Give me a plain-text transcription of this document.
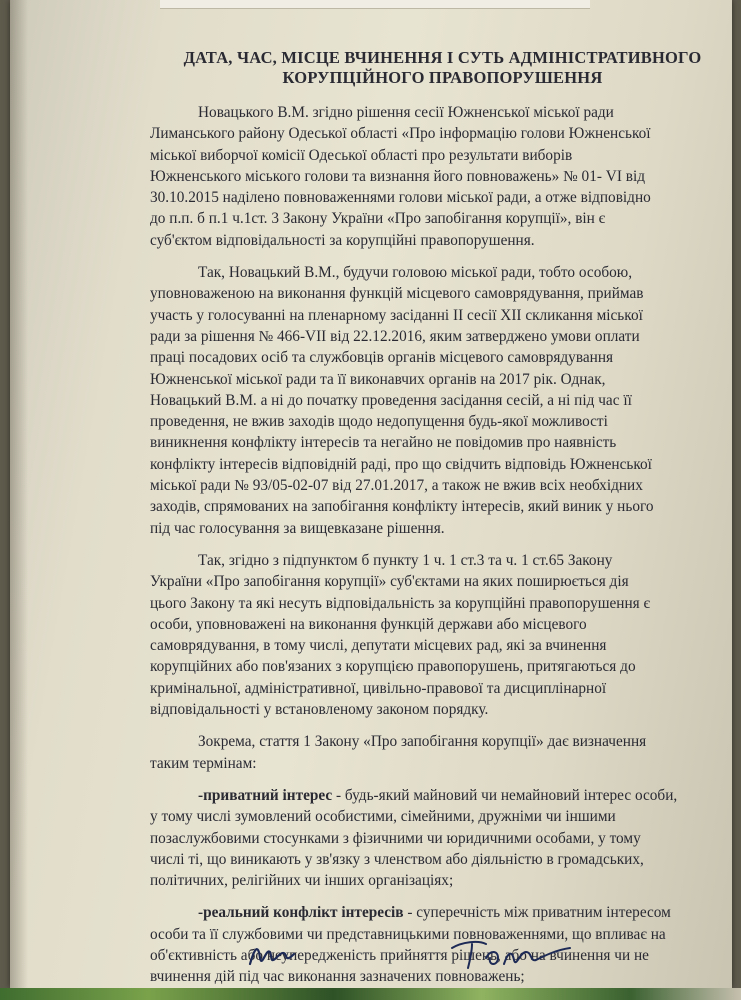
ДАТА, ЧАС, МІСЦЕ ВЧИНЕННЯ І СУТЬ АДМІНІСТРАТИВНОГО
КОРУПЦІЙНОГО ПРАВОПОРУШЕННЯ
Новацького В.М. згідно рішення сесії Южненської міської ради
Лиманського району Одеської області «Про інформацію голови Южненської
міської виборчої комісії Одеської області про результати виборів
Южненського міського голови та визнання його повноважень» № 01- VI від
30.10.2015 наділено повноваженнями голови міської ради, а отже відповідно
до п.п. б п.1 ч.1ст. 3 Закону України «Про запобігання корупції», він є
суб'єктом відповідальності за корупційні правопорушення.
Так, Новацький В.М., будучи головою міської ради, тобто особою,
уповноваженою на виконання функцій місцевого самоврядування, приймав
участь у голосуванні на пленарному засіданні II сесії XII скликання міської
ради за рішення № 466-VII від 22.12.2016, яким затверджено умови оплати
праці посадових осіб та службовців органів місцевого самоврядування
Южненської міської ради та її виконавчих органів на 2017 рік. Однак,
Новацький В.М. а ні до початку проведення засідання сесій, а ні під час її
проведення, не вжив заходів щодо недопущення будь-якої можливості
виникнення конфлікту інтересів та негайно не повідомив про наявність
конфлікту інтересів відповідній раді, про що свідчить відповідь Южненської
міської ради № 93/05-02-07 від 27.01.2017, а також не вжив всіх необхідних
заходів, спрямованих на запобігання конфлікту інтересів, який виник у нього
під час голосування за вищевказане рішення.
Так, згідно з підпунктом б пункту 1 ч. 1 ст.3 та ч. 1 ст.65 Закону
України «Про запобігання корупції» суб'єктами на яких поширюється дія
цього Закону та які несуть відповідальність за корупційні правопорушення є
особи, уповноважені на виконання функцій держави або місцевого
самоврядування, в тому числі, депутати місцевих рад, які за вчинення
корупційних або пов'язаних з корупцією правопорушень, притягаються до
кримінальної, адміністративної, цивільно-правової та дисциплінарної
відповідальності у встановленому законом порядку.
Зокрема, стаття 1 Закону «Про запобігання корупції» дає визначення
таким термінам:
-приватний інтерес - будь-який майновий чи немайновий інтерес особи,
у тому числі зумовлений особистими, сімейними, дружніми чи іншими
позаслужбовими стосунками з фізичними чи юридичними особами, у тому
числі ті, що виникають у зв'язку з членством або діяльністю в громадських,
політичних, релігійних чи інших організаціях;
-реальний конфлікт інтересів - суперечність між приватним інтересом
особи та її службовими чи представницькими повноваженнями, що впливає на
об'єктивність або неупередженість прийняття рішень, або на вчинення чи не
вчинення дій під час виконання зазначених повноважень;
